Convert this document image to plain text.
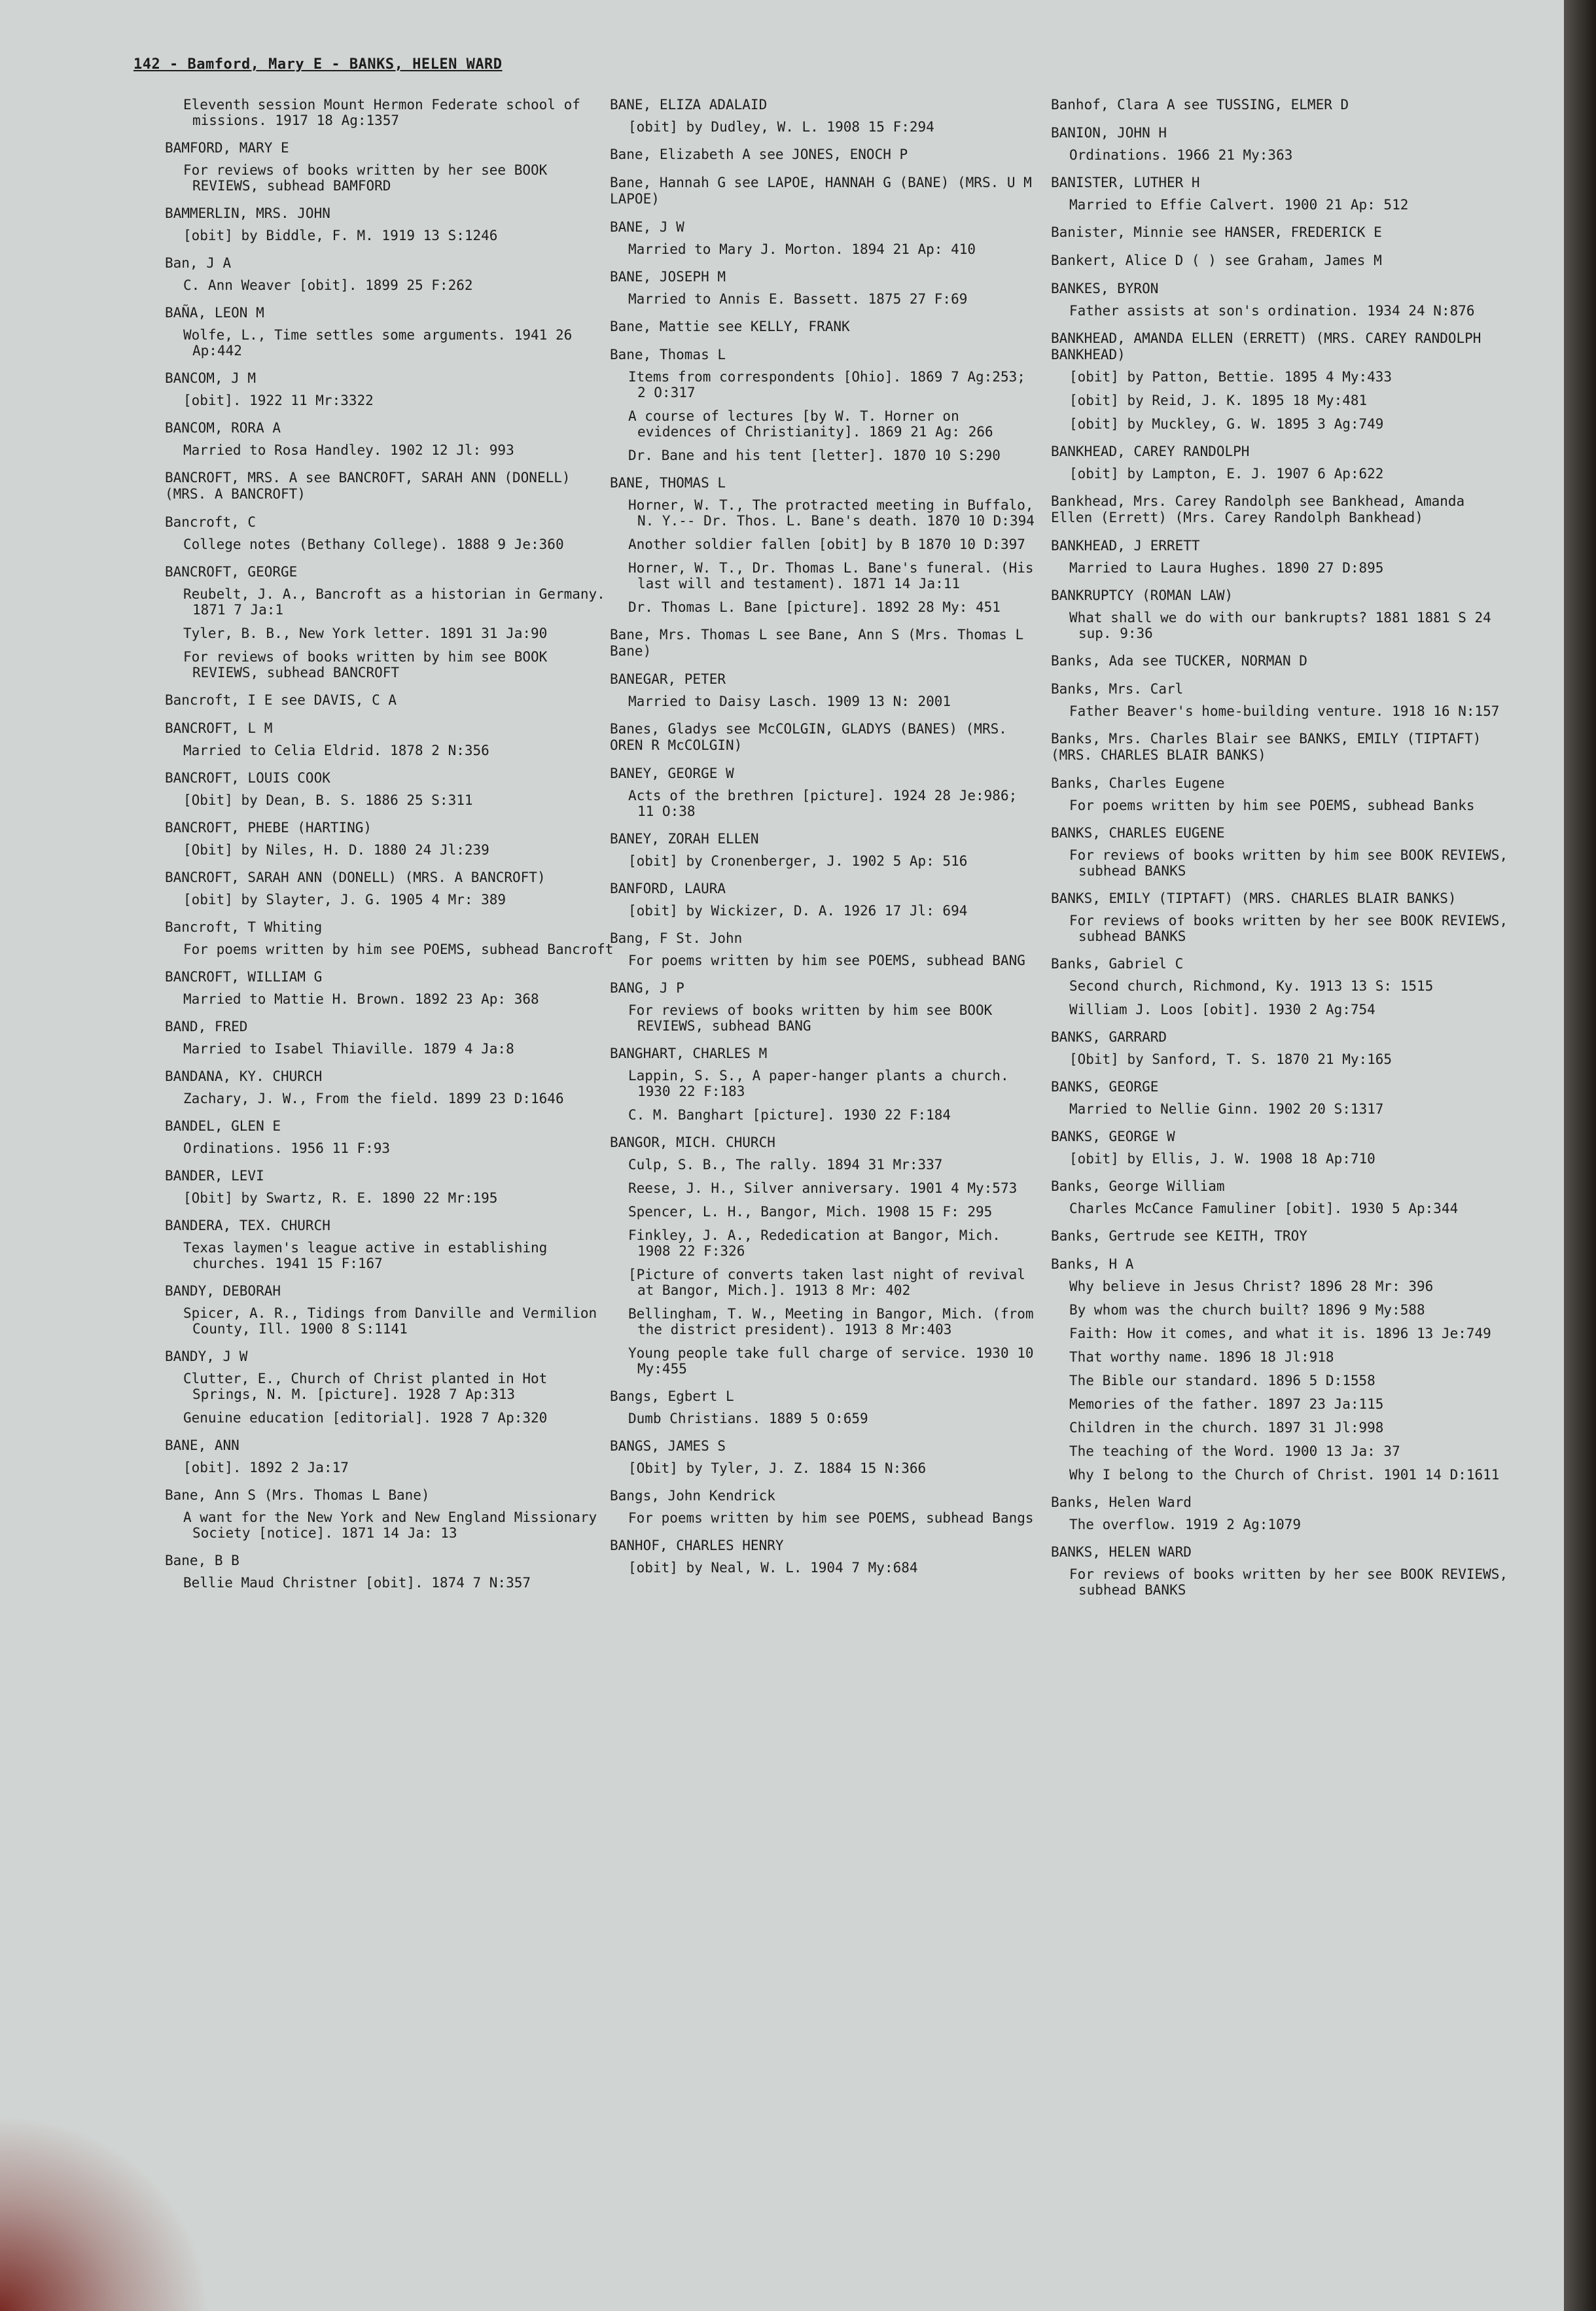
142 - Bamford, Mary E - BANKS, HELEN WARD
Eleventh session Mount Hermon Federate school of missions. 1917 18 Ag:1357
BAMFORD, MARY E
For reviews of books written by her see BOOK REVIEWS, subhead BAMFORD
BAMMERLIN, MRS. JOHN
[obit] by Biddle, F. M. 1919 13 S:1246
Ban, J A
C. Ann Weaver [obit]. 1899 25 F:262
BAÑA, LEON M
Wolfe, L., Time settles some arguments. 1941 26 Ap:442
BANCOM, J M
[obit]. 1922 11 Mr:3322
BANCOM, RORA A
Married to Rosa Handley. 1902 12 Jl: 993
BANCROFT, MRS. A see BANCROFT, SARAH ANN (DONELL) (MRS. A BANCROFT)
Bancroft, C
College notes (Bethany College). 1888 9 Je:360
BANCROFT, GEORGE
Reubelt, J. A., Bancroft as a historian in Germany. 1871 7 Ja:1
Tyler, B. B., New York letter. 1891 31 Ja:90
For reviews of books written by him see BOOK REVIEWS, subhead BANCROFT
Bancroft, I E see DAVIS, C A
BANCROFT, L M
Married to Celia Eldrid. 1878 2 N:356
BANCROFT, LOUIS COOK
[Obit] by Dean, B. S. 1886 25 S:311
BANCROFT, PHEBE (HARTING)
[Obit] by Niles, H. D. 1880 24 Jl:239
BANCROFT, SARAH ANN (DONELL) (MRS. A BANCROFT)
[obit] by Slayter, J. G. 1905 4 Mr: 389
Bancroft, T Whiting
For poems written by him see POEMS, subhead Bancroft
BANCROFT, WILLIAM G
Married to Mattie H. Brown. 1892 23 Ap: 368
BAND, FRED
Married to Isabel Thiaville. 1879 4 Ja:8
BANDANA, KY. CHURCH
Zachary, J. W., From the field. 1899 23 D:1646
BANDEL, GLEN E
Ordinations. 1956 11 F:93
BANDER, LEVI
[Obit] by Swartz, R. E. 1890 22 Mr:195
BANDERA, TEX. CHURCH
Texas laymen's league active in establishing churches. 1941 15 F:167
BANDY, DEBORAH
Spicer, A. R., Tidings from Danville and Vermilion County, Ill. 1900 8 S:1141
BANDY, J W
Clutter, E., Church of Christ planted in Hot Springs, N. M. [picture]. 1928 7 Ap:313
Genuine education [editorial]. 1928 7 Ap:320
BANE, ANN
[obit]. 1892 2 Ja:17
Bane, Ann S (Mrs. Thomas L Bane)
A want for the New York and New England Missionary Society [notice]. 1871 14 Ja: 13
Bane, B B
Bellie Maud Christner [obit]. 1874 7 N:357
BANE, ELIZA ADALAID
[obit] by Dudley, W. L. 1908 15 F:294
Bane, Elizabeth A see JONES, ENOCH P
Bane, Hannah G see LAPOE, HANNAH G (BANE) (MRS. U M LAPOE)
BANE, J W
Married to Mary J. Morton. 1894 21 Ap: 410
BANE, JOSEPH M
Married to Annis E. Bassett. 1875 27 F:69
Bane, Mattie see KELLY, FRANK
Bane, Thomas L
Items from correspondents [Ohio]. 1869 7 Ag:253; 2 O:317
A course of lectures [by W. T. Horner on evidences of Christianity]. 1869 21 Ag: 266
Dr. Bane and his tent [letter]. 1870 10 S:290
BANE, THOMAS L
Horner, W. T., The protracted meeting in Buffalo, N. Y.-- Dr. Thos. L. Bane's death. 1870 10 D:394
Another soldier fallen [obit] by B 1870 10 D:397
Horner, W. T., Dr. Thomas L. Bane's funeral. (His last will and testament). 1871 14 Ja:11
Dr. Thomas L. Bane [picture]. 1892 28 My: 451
Bane, Mrs. Thomas L see Bane, Ann S (Mrs. Thomas L Bane)
BANEGAR, PETER
Married to Daisy Lasch. 1909 13 N: 2001
Banes, Gladys see McCOLGIN, GLADYS (BANES) (MRS. OREN R McCOLGIN)
BANEY, GEORGE W
Acts of the brethren [picture]. 1924 28 Je:986; 11 O:38
BANEY, ZORAH ELLEN
[obit] by Cronenberger, J. 1902 5 Ap: 516
BANFORD, LAURA
[obit] by Wickizer, D. A. 1926 17 Jl: 694
Bang, F St. John
For poems written by him see POEMS, subhead BANG
BANG, J P
For reviews of books written by him see BOOK REVIEWS, subhead BANG
BANGHART, CHARLES M
Lappin, S. S., A paper-hanger plants a church. 1930 22 F:183
C. M. Banghart [picture]. 1930 22 F:184
BANGOR, MICH. CHURCH
Culp, S. B., The rally. 1894 31 Mr:337
Reese, J. H., Silver anniversary. 1901 4 My:573
Spencer, L. H., Bangor, Mich. 1908 15 F: 295
Finkley, J. A., Rededication at Bangor, Mich. 1908 22 F:326
[Picture of converts taken last night of revival at Bangor, Mich.]. 1913 8 Mr: 402
Bellingham, T. W., Meeting in Bangor, Mich. (from the district president). 1913 8 Mr:403
Young people take full charge of service. 1930 10 My:455
Bangs, Egbert L
Dumb Christians. 1889 5 O:659
BANGS, JAMES S
[Obit] by Tyler, J. Z. 1884 15 N:366
Bangs, John Kendrick
For poems written by him see POEMS, subhead Bangs
BANHOF, CHARLES HENRY
[obit] by Neal, W. L. 1904 7 My:684
Banhof, Clara A see TUSSING, ELMER D
BANION, JOHN H
Ordinations. 1966 21 My:363
BANISTER, LUTHER H
Married to Effie Calvert. 1900 21 Ap: 512
Banister, Minnie see HANSER, FREDERICK E
Bankert, Alice D ( ) see Graham, James M
BANKES, BYRON
Father assists at son's ordination. 1934 24 N:876
BANKHEAD, AMANDA ELLEN (ERRETT) (MRS. CAREY RANDOLPH BANKHEAD)
[obit] by Patton, Bettie. 1895 4 My:433
[obit] by Reid, J. K. 1895 18 My:481
[obit] by Muckley, G. W. 1895 3 Ag:749
BANKHEAD, CAREY RANDOLPH
[obit] by Lampton, E. J. 1907 6 Ap:622
Bankhead, Mrs. Carey Randolph see Bankhead, Amanda Ellen (Errett) (Mrs. Carey Randolph Bankhead)
BANKHEAD, J ERRETT
Married to Laura Hughes. 1890 27 D:895
BANKRUPTCY (ROMAN LAW)
What shall we do with our bankrupts? 1881 1881 S 24 sup. 9:36
Banks, Ada see TUCKER, NORMAN D
Banks, Mrs. Carl
Father Beaver's home-building venture. 1918 16 N:157
Banks, Mrs. Charles Blair see BANKS, EMILY (TIPTAFT) (MRS. CHARLES BLAIR BANKS)
Banks, Charles Eugene
For poems written by him see POEMS, subhead Banks
BANKS, CHARLES EUGENE
For reviews of books written by him see BOOK REVIEWS, subhead BANKS
BANKS, EMILY (TIPTAFT) (MRS. CHARLES BLAIR BANKS)
For reviews of books written by her see BOOK REVIEWS, subhead BANKS
Banks, Gabriel C
Second church, Richmond, Ky. 1913 13 S: 1515
William J. Loos [obit]. 1930 2 Ag:754
BANKS, GARRARD
[Obit] by Sanford, T. S. 1870 21 My:165
BANKS, GEORGE
Married to Nellie Ginn. 1902 20 S:1317
BANKS, GEORGE W
[obit] by Ellis, J. W. 1908 18 Ap:710
Banks, George William
Charles McCance Famuliner [obit]. 1930 5 Ap:344
Banks, Gertrude see KEITH, TROY
Banks, H A
Why believe in Jesus Christ? 1896 28 Mr: 396
By whom was the church built? 1896 9 My:588
Faith: How it comes, and what it is. 1896 13 Je:749
That worthy name. 1896 18 Jl:918
The Bible our standard. 1896 5 D:1558
Memories of the father. 1897 23 Ja:115
Children in the church. 1897 31 Jl:998
The teaching of the Word. 1900 13 Ja: 37
Why I belong to the Church of Christ. 1901 14 D:1611
Banks, Helen Ward
The overflow. 1919 2 Ag:1079
BANKS, HELEN WARD
For reviews of books written by her see BOOK REVIEWS, subhead BANKS
